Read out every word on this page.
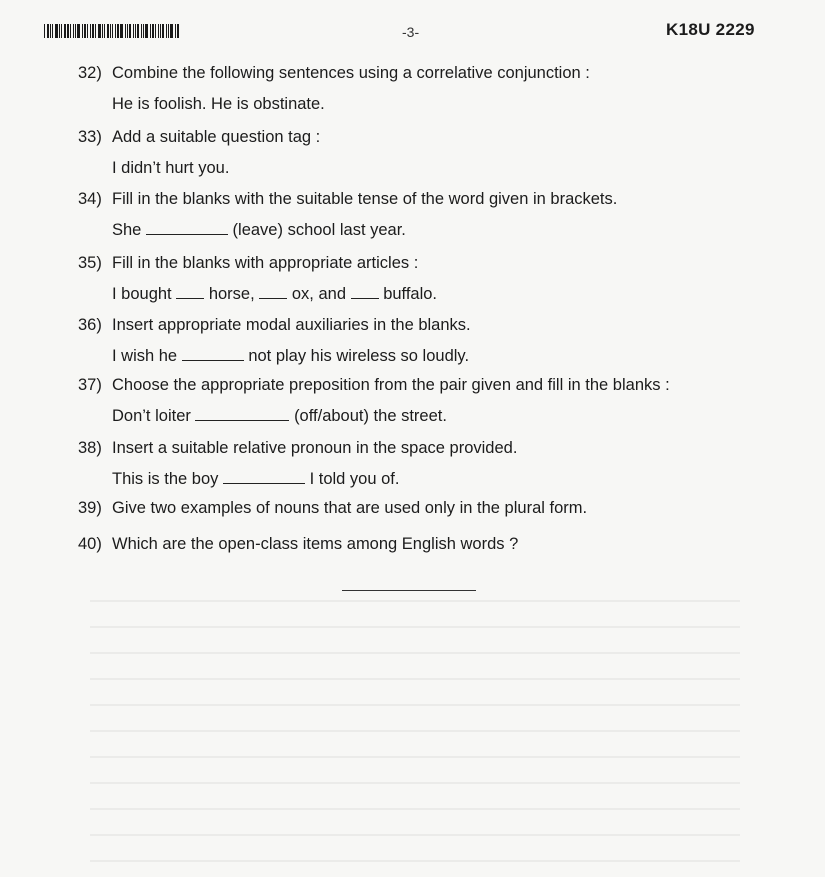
-3-	K18U 2229
32) Combine the following sentences using a correlative conjunction :
He is foolish. He is obstinate.
33) Add a suitable question tag :
I didn’t hurt you.
34) Fill in the blanks with the suitable tense of the word given in brackets.
She	(leave) school last year.
35) Fill in the blanks with appropriate articles :
I bought horse, ox, and buffalo.
36) Insert appropriate modal auxiliaries in the blanks.
I wish he	not play his wireless so loudly.
37) Choose the appropriate preposition from the pair given and fill in the blanks :
Don’t loiter	(off/about) the street.
38) Insert a suitable relative pronoun in the space provided.
This is the boy	I told you of.
39) Give two examples of nouns that are used only in the plural form.
40) Which are the open-class items among English words ?
